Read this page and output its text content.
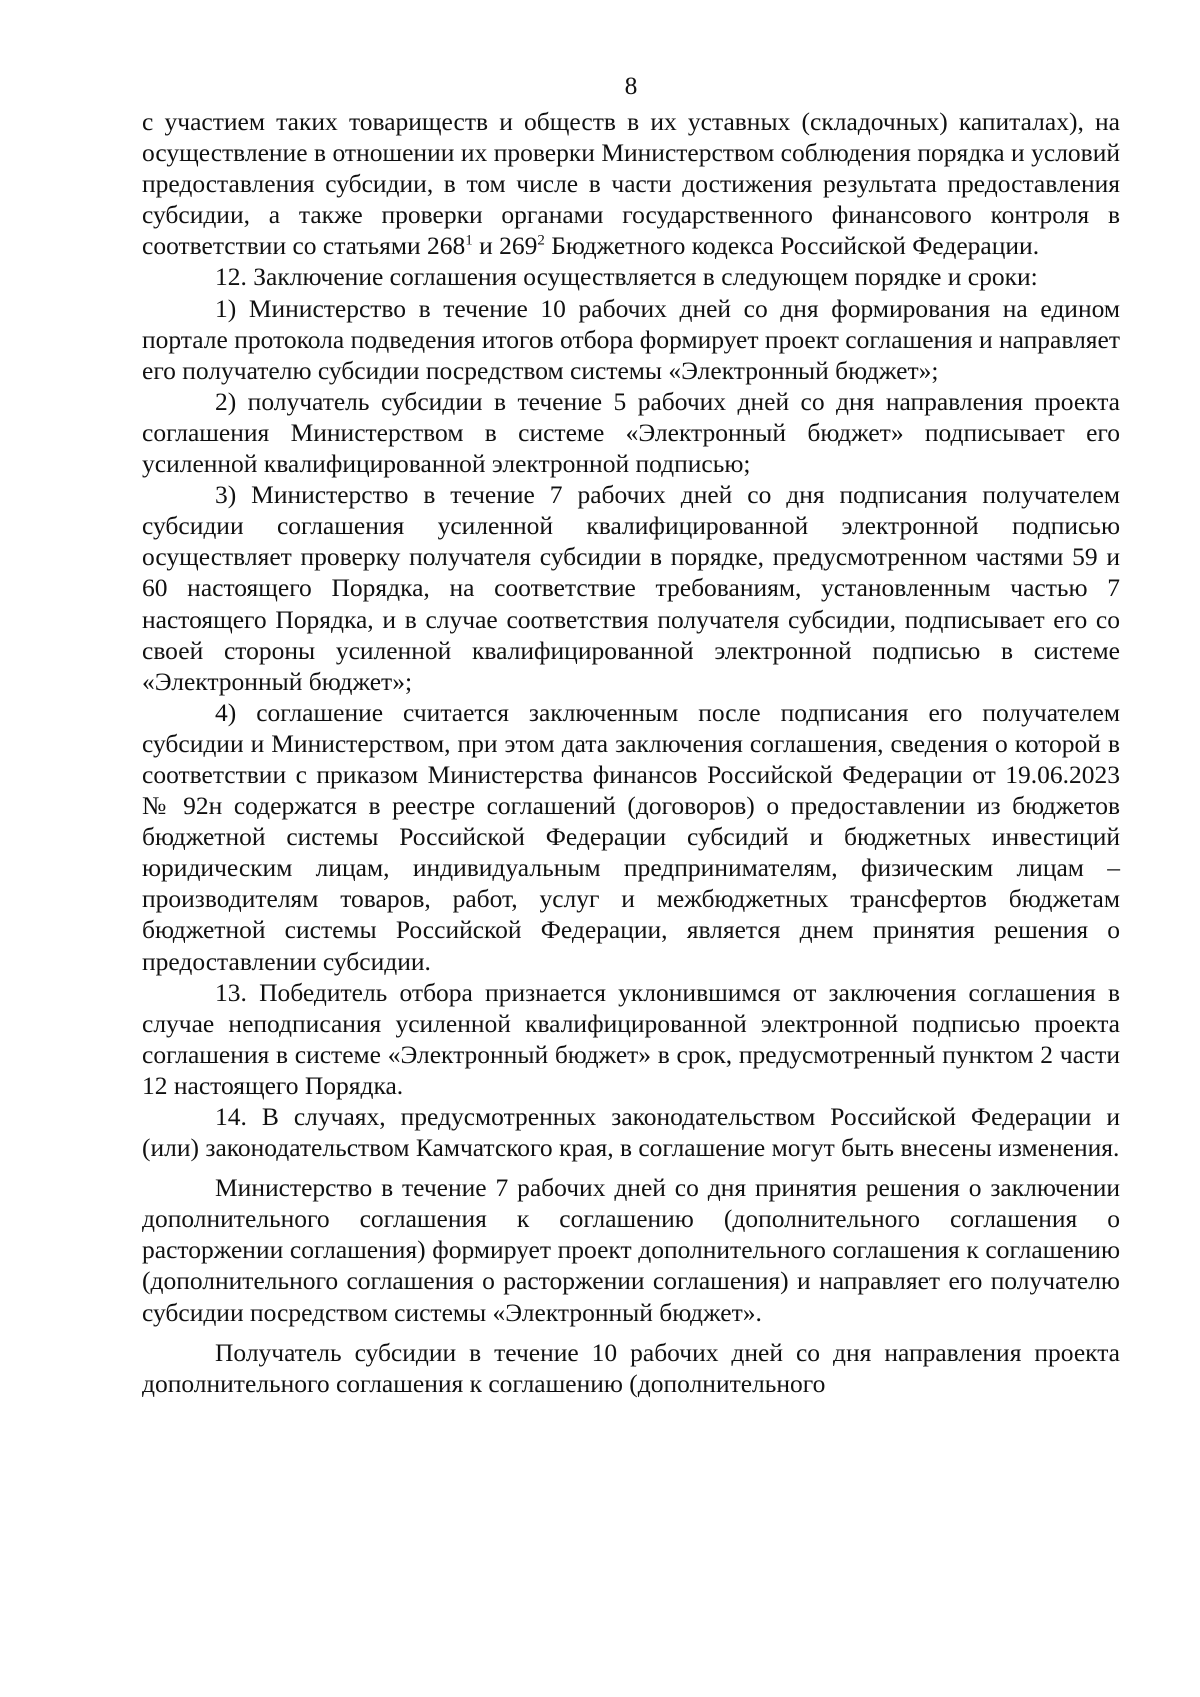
8

с участием таких товариществ и обществ в их уставных (складочных) капиталах), на осуществление в отношении их проверки Министерством соблюдения порядка и условий предоставления субсидии, в том числе в части достижения результата предоставления субсидии, а также проверки органами государственного финансового контроля в соответствии со статьями $268^1$ и $269^2$ Бюджетного кодекса Российской Федерации.

12. Заключение соглашения осуществляется в следующем порядке и сроки:

1) Министерство в течение 10 рабочих дней со дня формирования на едином портале протокола подведения итогов отбора формирует проект соглашения и направляет его получателю субсидии посредством системы «Электронный бюджет»;

2) получатель субсидии в течение 5 рабочих дней со дня направления проекта соглашения Министерством в системе «Электронный бюджет» подписывает его усиленной квалифицированной электронной подписью;

3) Министерство в течение 7 рабочих дней со дня подписания получателем субсидии соглашения усиленной квалифицированной электронной подписью осуществляет проверку получателя субсидии в порядке, предусмотренном частями 59 и 60 настоящего Порядка, на соответствие требованиям, установленным частью 7 настоящего Порядка, и в случае соответствия получателя субсидии, подписывает его со своей стороны усиленной квалифицированной электронной подписью в системе «Электронный бюджет»;

4) соглашение считается заключенным после подписания его получателем субсидии и Министерством, при этом дата заключения соглашения, сведения о которой в соответствии с приказом Министерства финансов Российской Федерации от 19.06.2023 № 92н содержатся в реестре соглашений (договоров) о предоставлении из бюджетов бюджетной системы Российской Федерации субсидий и бюджетных инвестиций юридическим лицам, индивидуальным предпринимателям, физическим лицам – производителям товаров, работ, услуг и межбюджетных трансфертов бюджетам бюджетной системы Российской Федерации, является днем принятия решения о предоставлении субсидии.

13. Победитель отбора признается уклонившимся от заключения соглашения в случае неподписания усиленной квалифицированной электронной подписью проекта соглашения в системе «Электронный бюджет» в срок, предусмотренный пунктом 2 части 12 настоящего Порядка.

14. В случаях, предусмотренных законодательством Российской Федерации и (или) законодательством Камчатского края, в соглашение могут быть внесены изменения.

Министерство в течение 7 рабочих дней со дня принятия решения о заключении дополнительного соглашения к соглашению (дополнительного соглашения о расторжении соглашения) формирует проект дополнительного соглашения к соглашению (дополнительного соглашения о расторжении соглашения) и направляет его получателю субсидии посредством системы «Электронный бюджет».

Получатель субсидии в течение 10 рабочих дней со дня направления проекта дополнительного соглашения к соглашению (дополнительного
